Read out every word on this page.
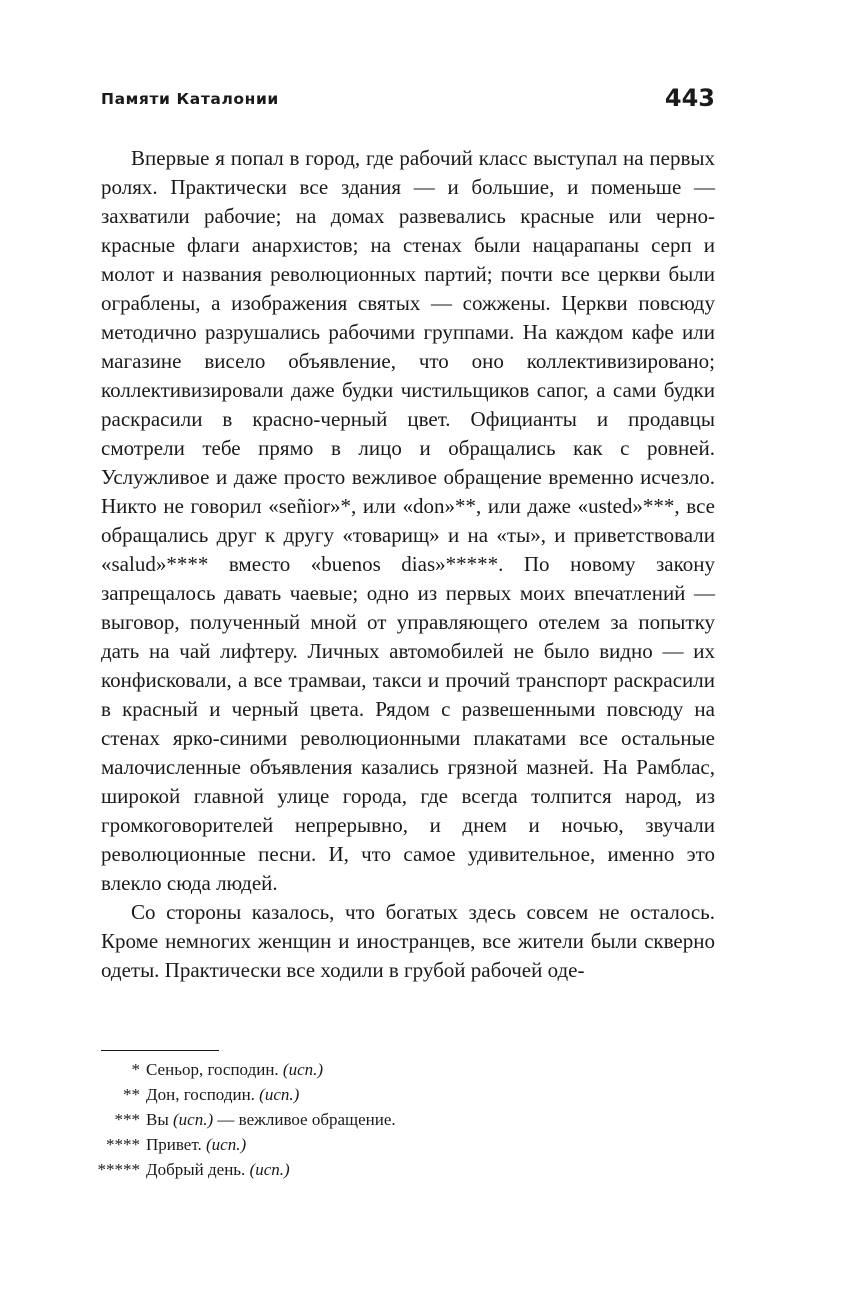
Памяти Каталонии	443

Впервые я попал в город, где рабочий класс выступал на первых ролях. Практически все здания — и большие, и поменьше — захватили рабочие; на домах развевались красные или черно-красные флаги анархистов; на стенах были нацарапаны серп и молот и названия революционных партий; почти все церкви были ограблены, а изображения святых — сожжены. Церкви повсюду методично разрушались рабочими группами. На каждом кафе или магазине висело объявление, что оно коллективизировано; коллективизировали даже будки чистильщиков сапог, а сами будки раскрасили в красно-черный цвет. Официанты и продавцы смотрели тебе прямо в лицо и обращались как с ровней. Услужливое и даже просто вежливое обращение временно исчезло. Никто не говорил «señior»*, или «don»**, или даже «usted»***, все обращались друг к другу «товарищ» и на «ты», и приветствовали «salud»**** вместо «buenos dias»*****. По новому закону запрещалось давать чаевые; одно из первых моих впечатлений — выговор, полученный мной от управляющего отелем за попытку дать на чай лифтеру. Личных автомобилей не было видно — их конфисковали, а все трамваи, такси и прочий транспорт раскрасили в красный и черный цвета. Рядом с развешенными повсюду на стенах ярко-синими революционными плакатами все остальные малочисленные объявления казались грязной мазней. На Рамблас, широкой главной улице города, где всегда толпится народ, из громкоговорителей непрерывно, и днем и ночью, звучали революционные песни. И, что самое удивительное, именно это влекло сюда людей.

Со стороны казалось, что богатых здесь совсем не осталось. Кроме немногих женщин и иностранцев, все жители были скверно одеты. Практически все ходили в грубой рабочей оде-

* Сеньор, господин. (исп.)
** Дон, господин. (исп.)
*** Вы (исп.) — вежливое обращение.
**** Привет. (исп.)
***** Добрый день. (исп.)
